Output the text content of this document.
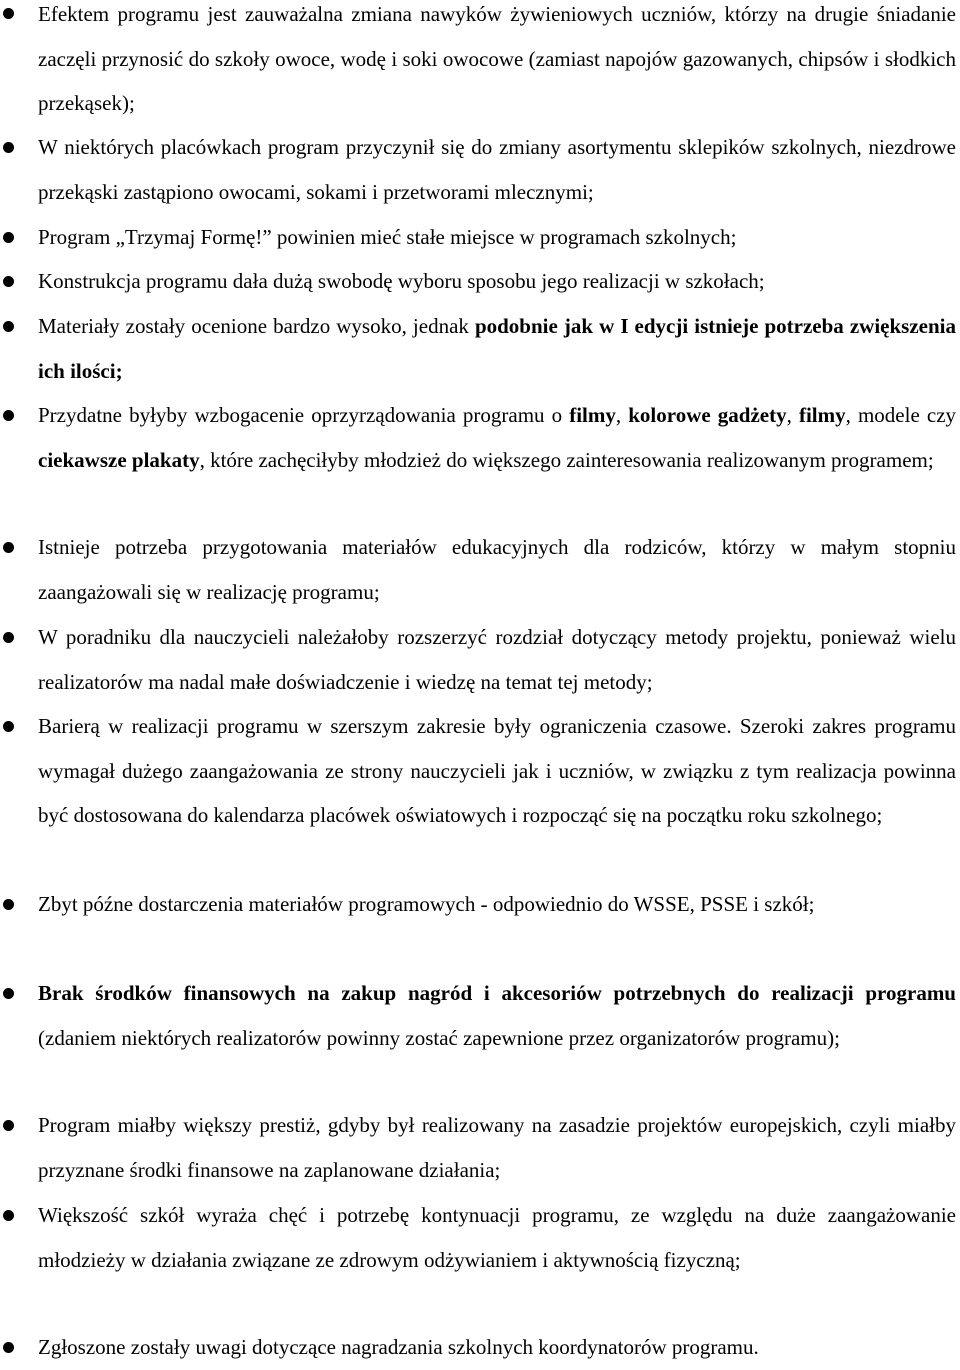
Efektem programu jest zauważalna zmiana nawyków żywieniowych uczniów, którzy na drugie śniadanie zaczęli przynosić do szkoły owoce, wodę i soki owocowe (zamiast napojów gazowanych, chipsów i słodkich przekąsek);
W niektórych placówkach program przyczynił się do zmiany asortymentu sklepików szkolnych, niezdrowe przekąski zastąpiono owocami, sokami i przetworami mlecznymi;
Program „Trzymaj Formę!” powinien mieć stałe miejsce w programach szkolnych;
Konstrukcja programu dała dużą swobodę wyboru sposobu jego realizacji w szkołach;
Materiały zostały ocenione bardzo wysoko, jednak podobnie jak w I edycji istnieje potrzeba zwiększenia ich ilości;
Przydatne byłyby wzbogacenie oprzyrządowania programu o filmy, kolorowe gadżety, filmy, modele czy ciekawsze plakaty, które zachęciłyby młodzież do większego zainteresowania realizowanym programem;
Istnieje potrzeba przygotowania materiałów edukacyjnych dla rodziców, którzy w małym stopniu zaangażowali się w realizację programu;
W poradniku dla nauczycieli należałoby rozszerzyć rozdział dotyczący metody projektu, ponieważ wielu realizatorów ma nadal małe doświadczenie i wiedzę na temat tej metody;
Barierą w realizacji programu w szerszym zakresie były ograniczenia czasowe. Szeroki zakres programu wymagał dużego zaangażowania ze strony nauczycieli jak i uczniów, w związku z tym realizacja powinna być dostosowana do kalendarza placówek oświatowych i rozpocząć się na początku roku szkolnego;
Zbyt późne dostarczenia materiałów programowych - odpowiednio do WSSE, PSSE i szkół;
Brak środków finansowych na zakup nagród i akcesoriów potrzebnych do realizacji programu (zdaniem niektórych realizatorów powinny zostać zapewnione przez organizatorów programu);
Program miałby większy prestiż, gdyby był realizowany na zasadzie projektów europejskich, czyli miałby przyznane środki finansowe na zaplanowane działania;
Większość szkół wyraża chęć i potrzebę kontynuacji programu, ze względu na duże zaangażowanie młodzieży w działania związane ze zdrowym odżywianiem i aktywnością fizyczną;
Zgłoszone zostały uwagi dotyczące nagradzania szkolnych koordynatorów programu.
